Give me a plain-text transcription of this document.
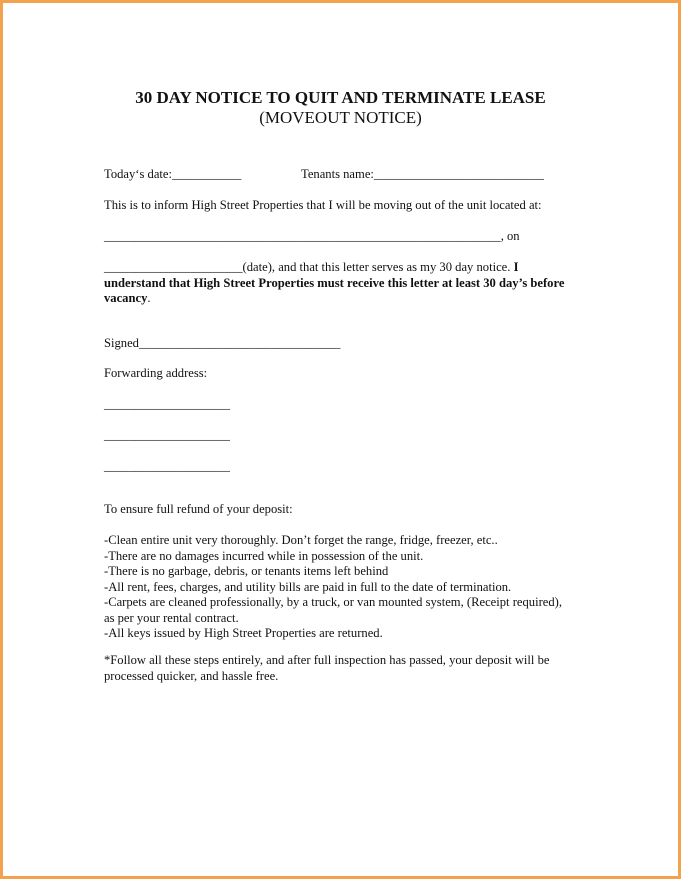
30 DAY NOTICE TO QUIT AND TERMINATE LEASE
(MOVEOUT NOTICE)
Today‘s date:___________	Tenants name:___________________________
This is to inform High Street Properties that I will be moving out of the unit located at:
_______________________________________________________________, on
______________________(date), and that this letter serves as my 30 day notice. I understand that High Street Properties must receive this letter at least 30 day’s before vacancy.
Signed________________________________
Forwarding address:
____________________
____________________
____________________
To ensure full refund of your deposit:
-Clean entire unit very thoroughly. Don’t forget the range, fridge, freezer, etc..
-There are no damages incurred while in possession of the unit.
-There is no garbage, debris, or tenants items left behind
-All rent, fees, charges, and utility bills are paid in full to the date of termination.
-Carpets are cleaned professionally, by a truck, or van mounted system, (Receipt required), as per your rental contract.
-All keys issued by High Street Properties are returned.
*Follow all these steps entirely, and after full inspection has passed, your deposit will be processed quicker, and hassle free.
